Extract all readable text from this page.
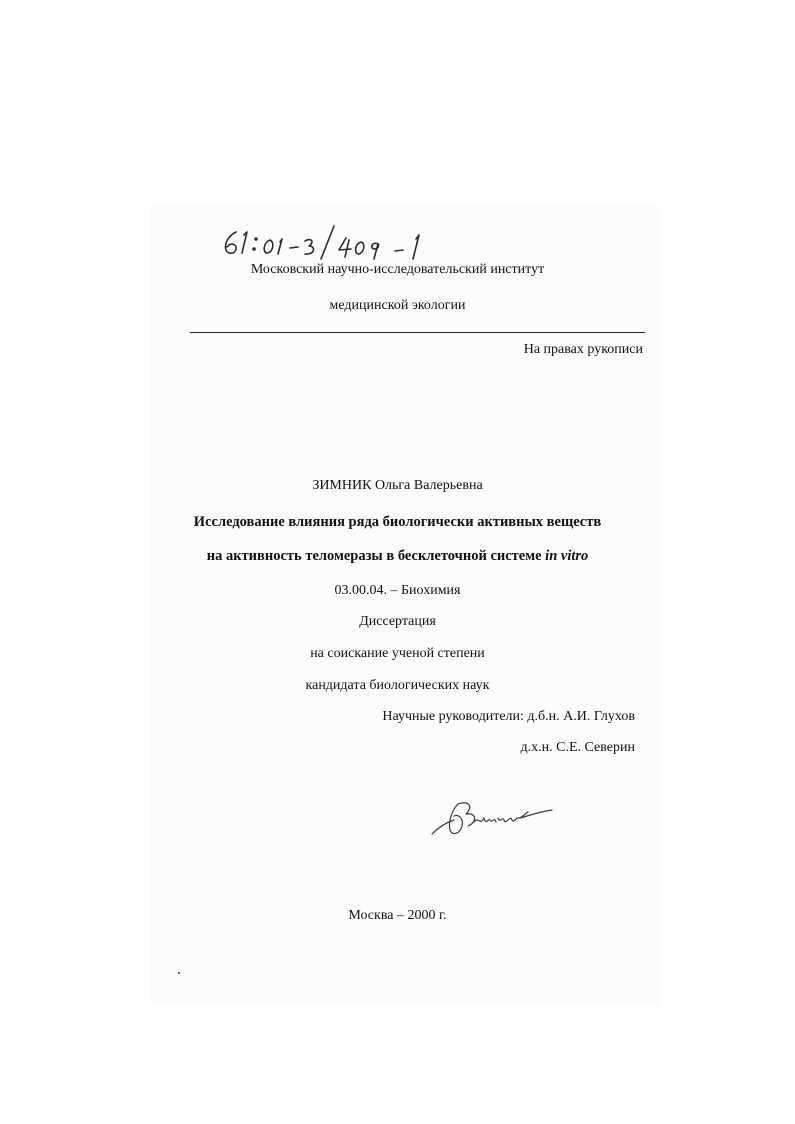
Московский научно-исследовательский институт
медицинской экологии
На правах рукописи
ЗИМНИК Ольга Валерьевна
Исследование влияния ряда биологически активных веществ
на активность теломеразы в бесклеточной системе in vitro
03.00.04. – Биохимия
Диссертация
на соискание ученой степени
кандидата биологических наук
Научные руководители: д.б.н. А.И. Глухов
д.х.н. С.Е. Северин
Москва – 2000 г.
